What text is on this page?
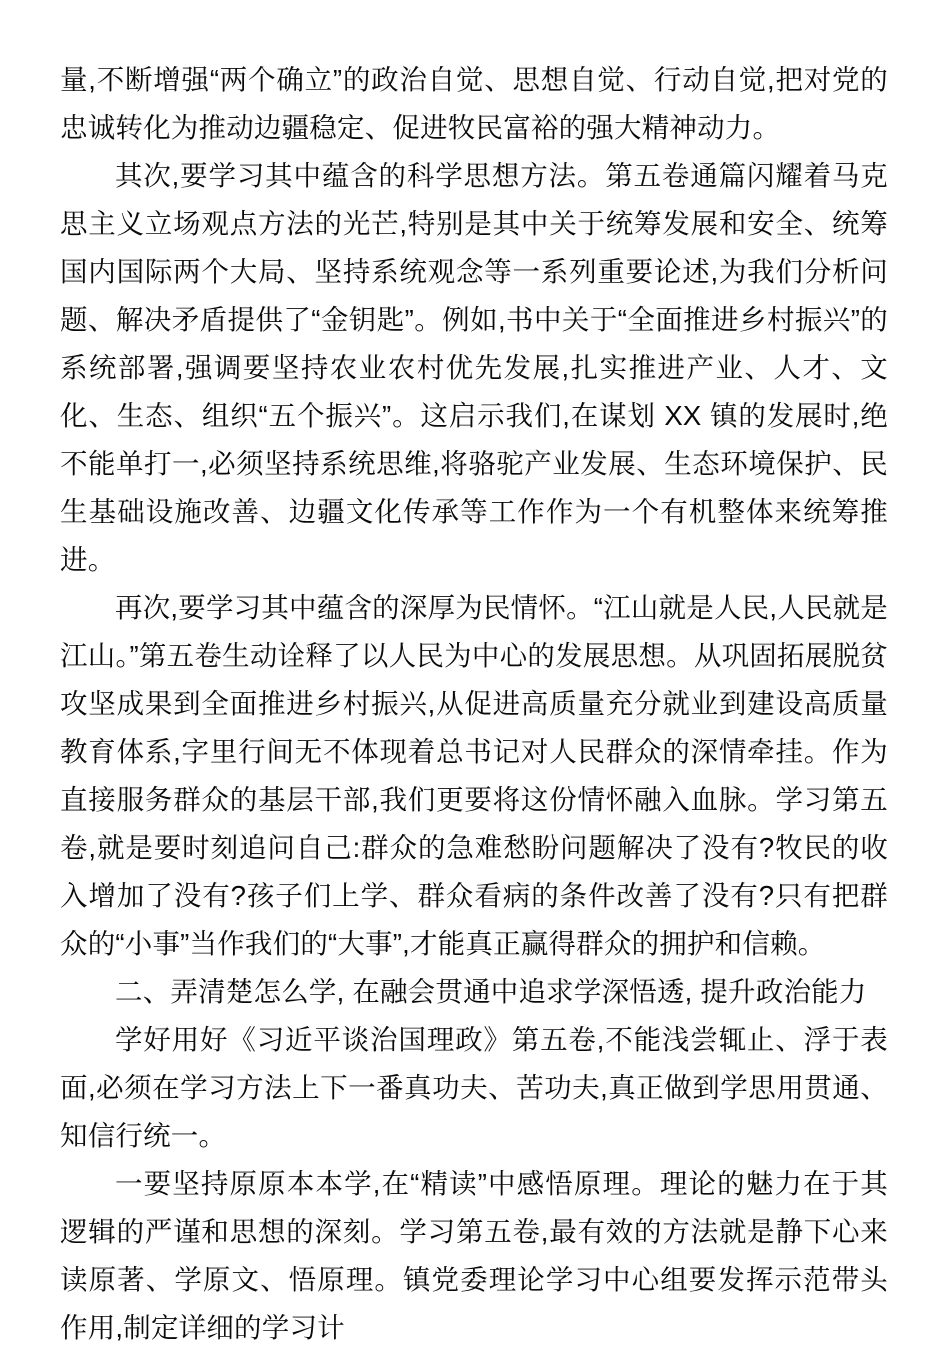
量,不断增强“两个确立”的政治自觉、思想自觉、行动自觉,把对党的忠诚转化为推动边疆稳定、促进牧民富裕的强大精神动力。

其次,要学习其中蕴含的科学思想方法。第五卷通篇闪耀着马克思主义立场观点方法的光芒,特别是其中关于统筹发展和安全、统筹国内国际两个大局、坚持系统观念等一系列重要论述,为我们分析问题、解决矛盾提供了“金钥匙”。例如,书中关于“全面推进乡村振兴”的系统部署,强调要坚持农业农村优先发展,扎实推进产业、人才、文化、生态、组织“五个振兴”。这启示我们,在谋划 XX 镇的发展时,绝不能单打一,必须坚持系统思维,将骆驼产业发展、生态环境保护、民生基础设施改善、边疆文化传承等工作作为一个有机整体来统筹推进。

再次,要学习其中蕴含的深厚为民情怀。“江山就是人民,人民就是江山。”第五卷生动诠释了以人民为中心的发展思想。从巩固拓展脱贫攻坚成果到全面推进乡村振兴,从促进高质量充分就业到建设高质量教育体系,字里行间无不体现着总书记对人民群众的深情牵挂。作为直接服务群众的基层干部,我们更要将这份情怀融入血脉。学习第五卷,就是要时刻追问自己:群众的急难愁盼问题解决了没有?牧民的收入增加了没有?孩子们上学、群众看病的条件改善了没有?只有把群众的“小事”当作我们的“大事”,才能真正赢得群众的拥护和信赖。

二、弄清楚怎么学, 在融会贯通中追求学深悟透, 提升政治能力

学好用好《习近平谈治国理政》第五卷,不能浅尝辄止、浮于表面,必须在学习方法上下一番真功夫、苦功夫,真正做到学思用贯通、知信行统一。

一要坚持原原本本学,在“精读”中感悟原理。理论的魅力在于其逻辑的严谨和思想的深刻。学习第五卷,最有效的方法就是静下心来读原著、学原文、悟原理。镇党委理论学习中心组要发挥示范带头作用,制定详细的学习计
